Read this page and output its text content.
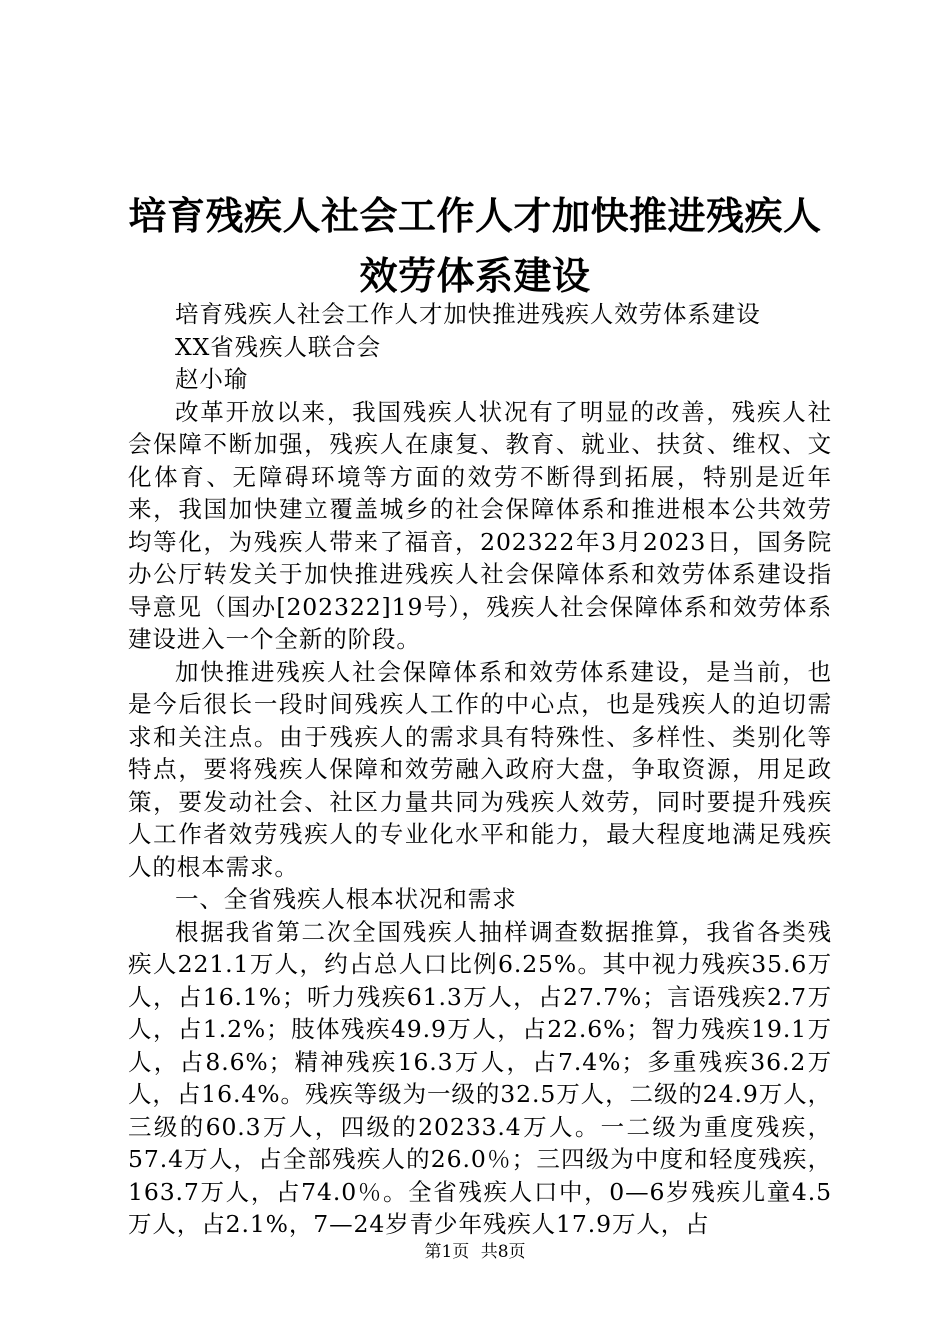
培育残疾人社会工作人才加快推进残疾人效劳体系建设

培育残疾人社会工作人才加快推进残疾人效劳体系建设

XX省残疾人联合会

赵小瑜

改革开放以来，我国残疾人状况有了明显的改善，残疾人社会保障不断加强，残疾人在康复、教育、就业、扶贫、维权、文化体育、无障碍环境等方面的效劳不断得到拓展，特别是近年来，我国加快建立覆盖城乡的社会保障体系和推进根本公共效劳均等化，为残疾人带来了福音，202322年3月2023日，国务院办公厅转发关于加快推进残疾人社会保障体系和效劳体系建设指导意见（国办[202322]19号），残疾人社会保障体系和效劳体系建设进入一个全新的阶段。

加快推进残疾人社会保障体系和效劳体系建设，是当前，也是今后很长一段时间残疾人工作的中心点，也是残疾人的迫切需求和关注点。由于残疾人的需求具有特殊性、多样性、类别化等特点，要将残疾人保障和效劳融入政府大盘，争取资源，用足政策，要发动社会、社区力量共同为残疾人效劳，同时要提升残疾人工作者效劳残疾人的专业化水平和能力，最大程度地满足残疾人的根本需求。

一、全省残疾人根本状况和需求

根据我省第二次全国残疾人抽样调查数据推算，我省各类残疾人221.1万人，约占总人口比例6.25%。其中视力残疾35.6万人，占16.1%；听力残疾61.3万人，占27.7%；言语残疾2.7万人，占1.2%；肢体残疾49.9万人，占22.6%；智力残疾19.1万人，占8.6%；精神残疾16.3万人，占7.4%；多重残疾36.2万人，占16.4%。残疾等级为一级的32.5万人，二级的24.9万人，三级的60.3万人，四级的20233.4万人。一二级为重度残疾，57.4万人，占全部残疾人的26.0％；三四级为中度和轻度残疾，163.7万人，占74.0％。全省残疾人口中，0—6岁残疾儿童4.5万人，占2.1%，7—24岁青少年残疾人17.9万人，占

第1页 共8页
